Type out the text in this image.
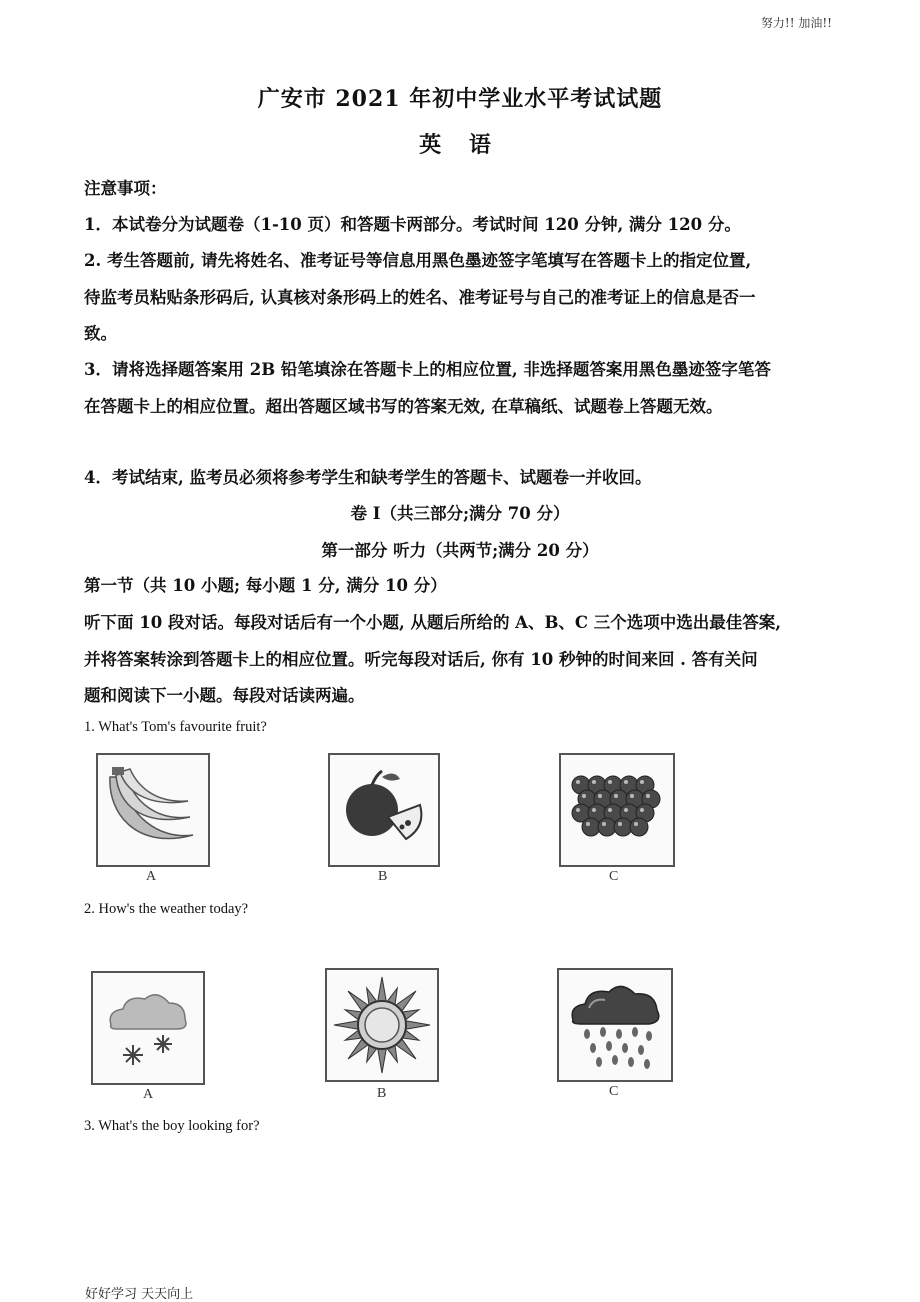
努力!! 加油!!
广安市 2021 年初中学业水平考试试题
英 语
注意事项：
1．本试卷分为试题卷（1-10 页）和答题卡两部分。考试时间 120 分钟, 满分 120 分。
2. 考生答题前, 请先将姓名、准考证号等信息用黑色墨迹签字笔填写在答题卡上的指定位置,
待监考员粘贴条形码后, 认真核对条形码上的姓名、准考证号与自己的准考证上的信息是否一
致。
3．请将选择题答案用 2B 铅笔填涂在答题卡上的相应位置, 非选择题答案用黑色墨迹签字笔答
在答题卡上的相应位置。超出答题区域书写的答案无效, 在草稿纸、试题卷上答题无效。
4．考试结束, 监考员必须将参考学生和缺考学生的答题卡、试题卷一并收回。
卷 I（共三部分;满分 70 分）
第一部分 听力（共两节;满分 20 分）
第一节（共 10 小题; 每小题 1 分, 满分 10 分）
听下面 10 段对话。每段对话后有一个小题, 从题后所给的 A、B、C 三个选项中选出最佳答案,
并将答案转涂到答题卡上的相应位置。听完每段对话后, 你有 10 秒钟的时间来回 . 答有关问
题和阅读下一小题。每段对话读两遍。
1. What's Tom's favourite fruit?
A	B	C
2. How's the weather today?
A	B	C
3. What's the boy looking for?
好好学习 天天向上
